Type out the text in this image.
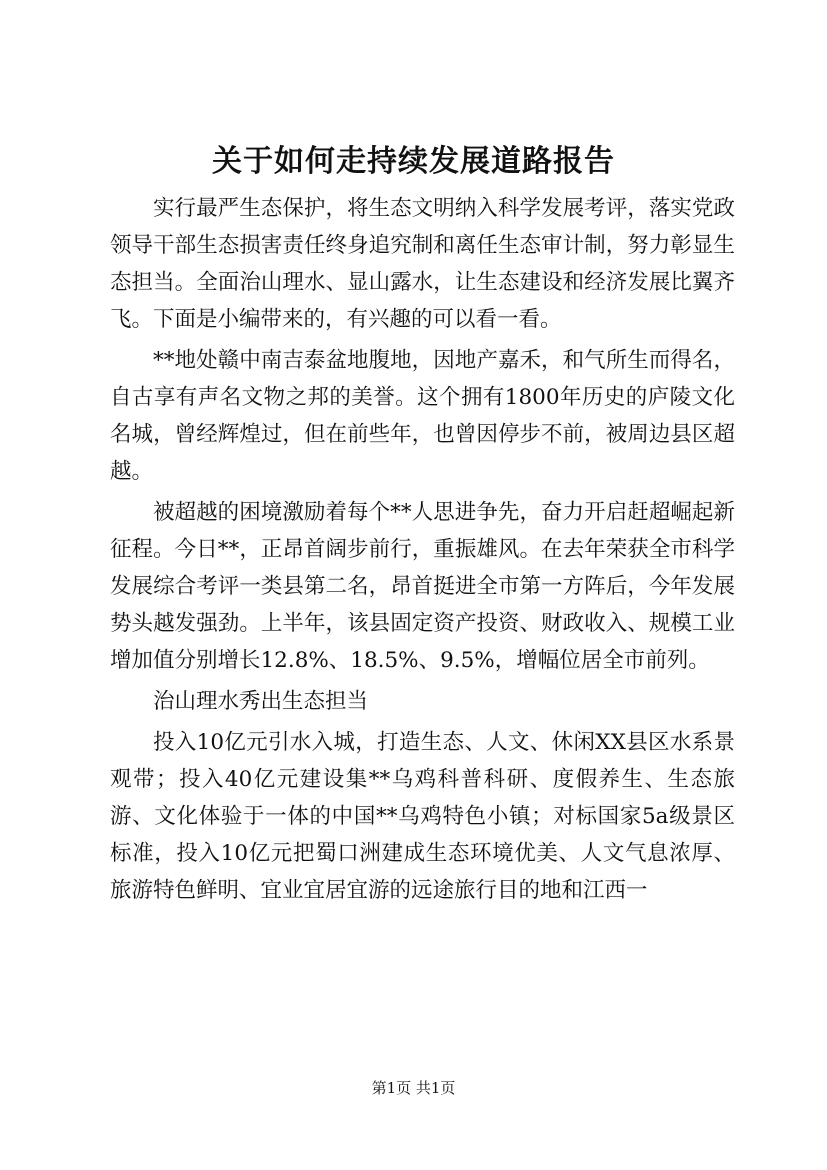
关于如何走持续发展道路报告

实行最严生态保护，将生态文明纳入科学发展考评，落实党政领导干部生态损害责任终身追究制和离任生态审计制，努力彰显生态担当。全面治山理水、显山露水，让生态建设和经济发展比翼齐飞。下面是小编带来的，有兴趣的可以看一看。

**地处赣中南吉泰盆地腹地，因地产嘉禾，和气所生而得名，自古享有声名文物之邦的美誉。这个拥有1800年历史的庐陵文化名城，曾经辉煌过，但在前些年，也曾因停步不前，被周边县区超越。

被超越的困境激励着每个**人思进争先，奋力开启赶超崛起新征程。今日**，正昂首阔步前行，重振雄风。在去年荣获全市科学发展综合考评一类县第二名，昂首挺进全市第一方阵后，今年发展势头越发强劲。上半年，该县固定资产投资、财政收入、规模工业增加值分别增长12.8%、18.5%、9.5%，增幅位居全市前列。

治山理水秀出生态担当

投入10亿元引水入城，打造生态、人文、休闲XX县区水系景观带；投入40亿元建设集**乌鸡科普科研、度假养生、生态旅游、文化体验于一体的中国**乌鸡特色小镇；对标国家5a级景区标准，投入10亿元把蜀口洲建成生态环境优美、人文气息浓厚、旅游特色鲜明、宜业宜居宜游的远途旅行目的地和江西一

第1页 共1页
